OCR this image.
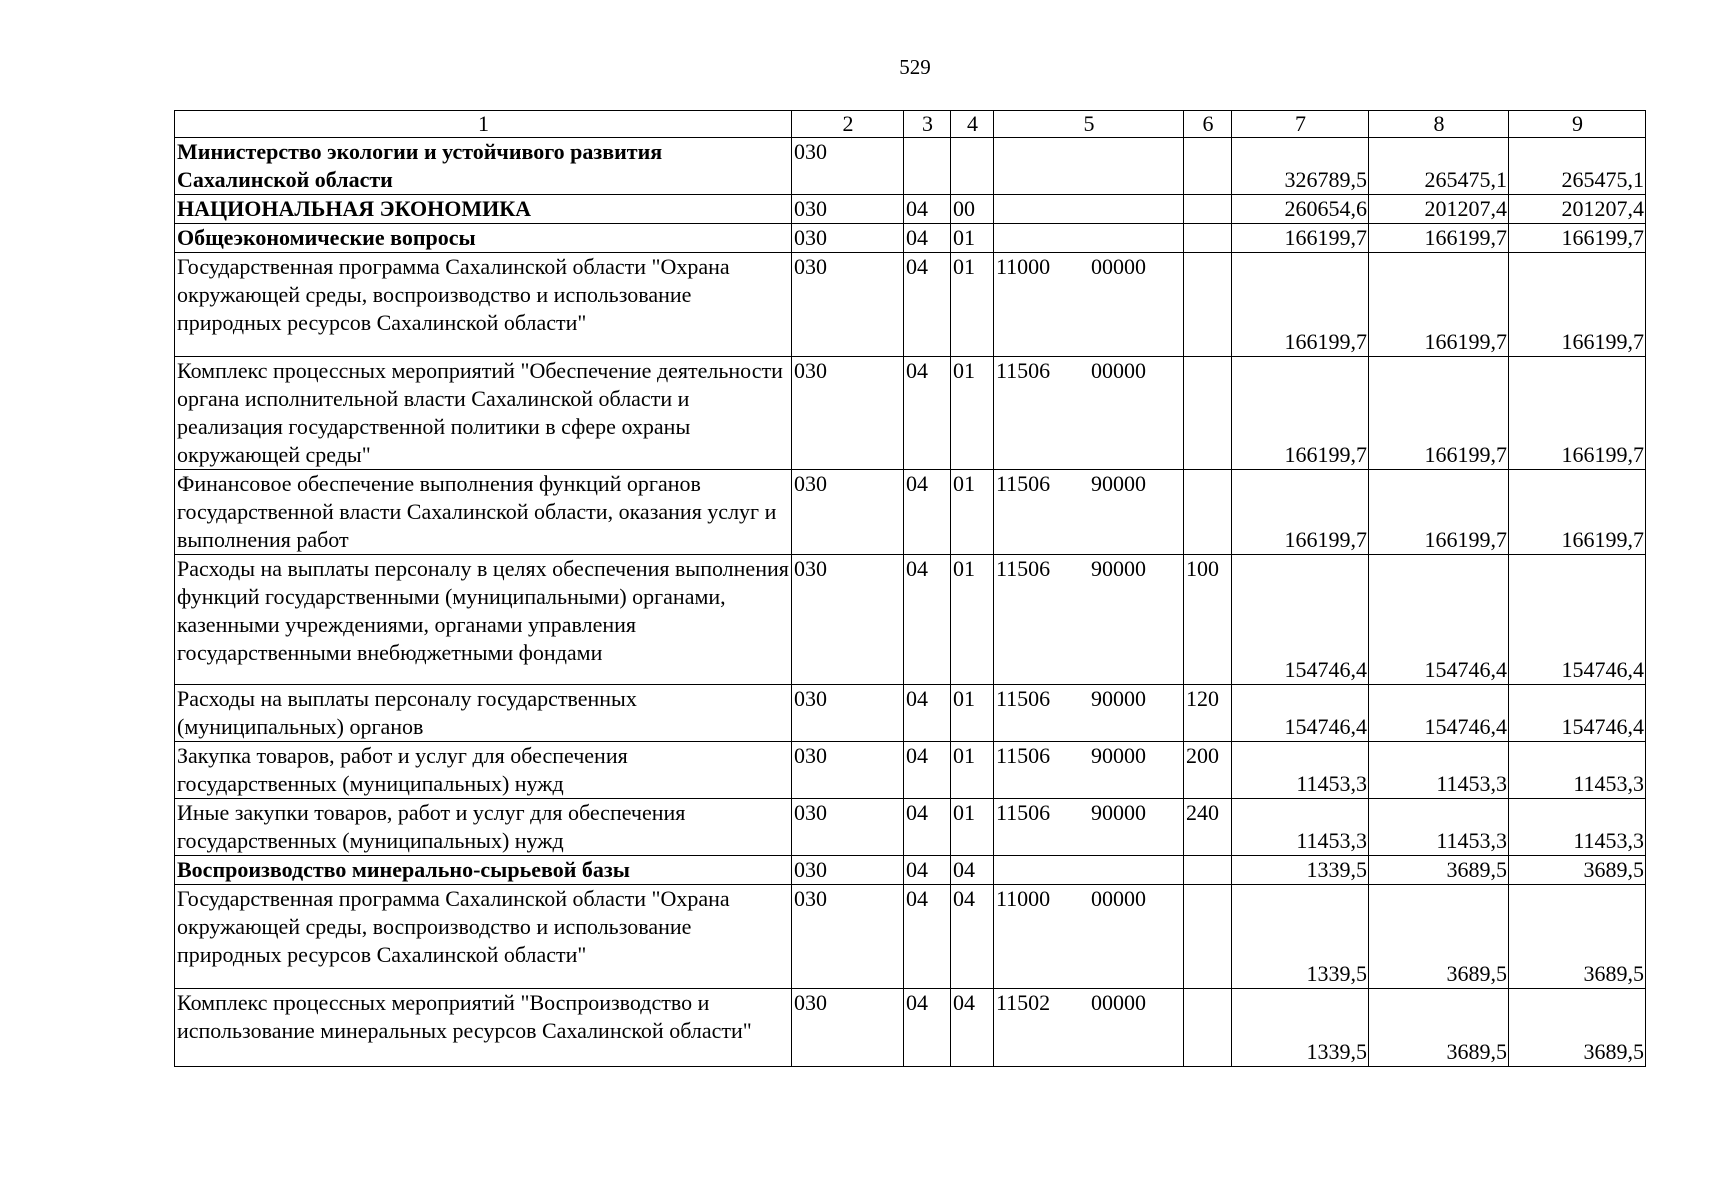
529
1	2	3	4	5	6	7	8	9
Министерство экологии и устойчивого развития Сахалинской области	030					326789,5	265475,1	265475,1
НАЦИОНАЛЬНАЯ ЭКОНОМИКА	030	04	00			260654,6	201207,4	201207,4
Общеэкономические вопросы	030	04	01			166199,7	166199,7	166199,7
Государственная программа Сахалинской области "Охрана окружающей среды, воспроизводство и использование природных ресурсов Сахалинской области"	030	04	01	11000 00000		166199,7	166199,7	166199,7
Комплекс процессных мероприятий "Обеспечение деятельности органа исполнительной власти Сахалинской области и реализация государственной политики в сфере охраны окружающей среды"	030	04	01	11506 00000		166199,7	166199,7	166199,7
Финансовое обеспечение выполнения функций органов государственной власти Сахалинской области, оказания услуг и выполнения работ	030	04	01	11506 90000		166199,7	166199,7	166199,7
Расходы на выплаты персоналу в целях обеспечения выполнения функций государственными (муниципальными) органами, казенными учреждениями, органами управления государственными внебюджетными фондами	030	04	01	11506 90000	100	154746,4	154746,4	154746,4
Расходы на выплаты персоналу государственных (муниципальных) органов	030	04	01	11506 90000	120	154746,4	154746,4	154746,4
Закупка товаров, работ и услуг для обеспечения государственных (муниципальных) нужд	030	04	01	11506 90000	200	11453,3	11453,3	11453,3
Иные закупки товаров, работ и услуг для обеспечения государственных (муниципальных) нужд	030	04	01	11506 90000	240	11453,3	11453,3	11453,3
Воспроизводство минерально-сырьевой базы	030	04	04			1339,5	3689,5	3689,5
Государственная программа Сахалинской области "Охрана окружающей среды, воспроизводство и использование природных ресурсов Сахалинской области"	030	04	04	11000 00000		1339,5	3689,5	3689,5
Комплекс процессных мероприятий "Воспроизводство и использование минеральных ресурсов Сахалинской области"	030	04	04	11502 00000		1339,5	3689,5	3689,5
